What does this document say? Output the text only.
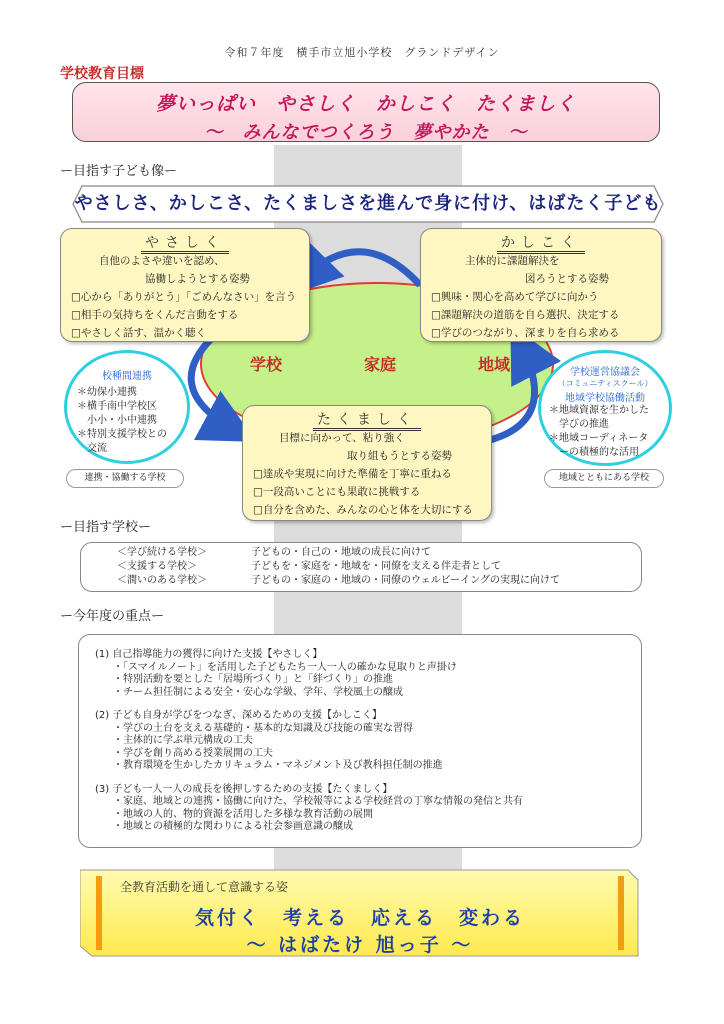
令和７年度　横手市立旭小学校　グランドデザイン
学校教育目標
夢いっぱい　やさしく　かしこく　たくましく
～　みんなでつくろう　夢やかた　～
ー目指す子ども像ー
やさしさ、かしこさ、たくましさを進んで身に付け、はばたく子ども
学校	家庭	地域
やさしく
自他のよさや違いを認め、
協働しようとする姿勢
□心から「ありがとう」「ごめんなさい」を言う
□相手の気持ちをくんだ言動をする
□やさしく話す、温かく聴く
かしこく
主体的に課題解決を
図ろうとする姿勢
□興味・関心を高めて学びに向かう
□課題解決の道筋を自ら選択、決定する
□学びのつながり、深まりを自ら求める
たくましく
目標に向かって、粘り強く
取り組もうとする姿勢
□達成や実現に向けた準備を丁寧に重ねる
□一段高いことにも果敢に挑戦する
□自分を含めた、みんなの心と体を大切にする
校種間連携
＊幼保小連携
＊横手南中学校区
　小小・小中連携
＊特別支援学校との
　交流
連携・協働する学校
学校運営協議会
（コミュニティスクール）
地域学校協働活動
＊地域資源を生かした
　学びの推進
＊地域コーディネータ
　ーの積極的な活用
地域とともにある学校
ー目指す学校ー
＜学び続ける学校＞
＜支援する学校＞
＜潤いのある学校＞
子どもの・自己の・地域の成長に向けて
子どもを・家庭を・地域を・同僚を支える伴走者として
子どもの・家庭の・地域の・同僚のウェルビーイングの実現に向けて
ー今年度の重点ー
(1) 自己指導能力の獲得に向けた支援【やさしく】
・「スマイルノート」を活用した子どもたち一人一人の確かな見取りと声掛け
・特別活動を要とした「居場所づくり」と「絆づくり」の推進
・チーム担任制による安全・安心な学級、学年、学校風土の醸成
(2) 子ども自身が学びをつなぎ、深めるための支援【かしこく】
・学びの土台を支える基礎的・基本的な知識及び技能の確実な習得
・主体的に学ぶ単元構成の工夫
・学びを創り高める授業展開の工夫
・教育環境を生かしたカリキュラム・マネジメント及び教科担任制の推進
(3) 子ども一人一人の成長を後押しするための支援【たくましく】
・家庭、地域との連携・協働に向けた、学校報等による学校経営の丁寧な情報の発信と共有
・地域の人的、物的資源を活用した多様な教育活動の展開
・地域との積極的な関わりによる社会参画意識の醸成
全教育活動を通して意識する姿
気付く　考える　応える　変わる
～ はばたけ 旭っ子 ～
